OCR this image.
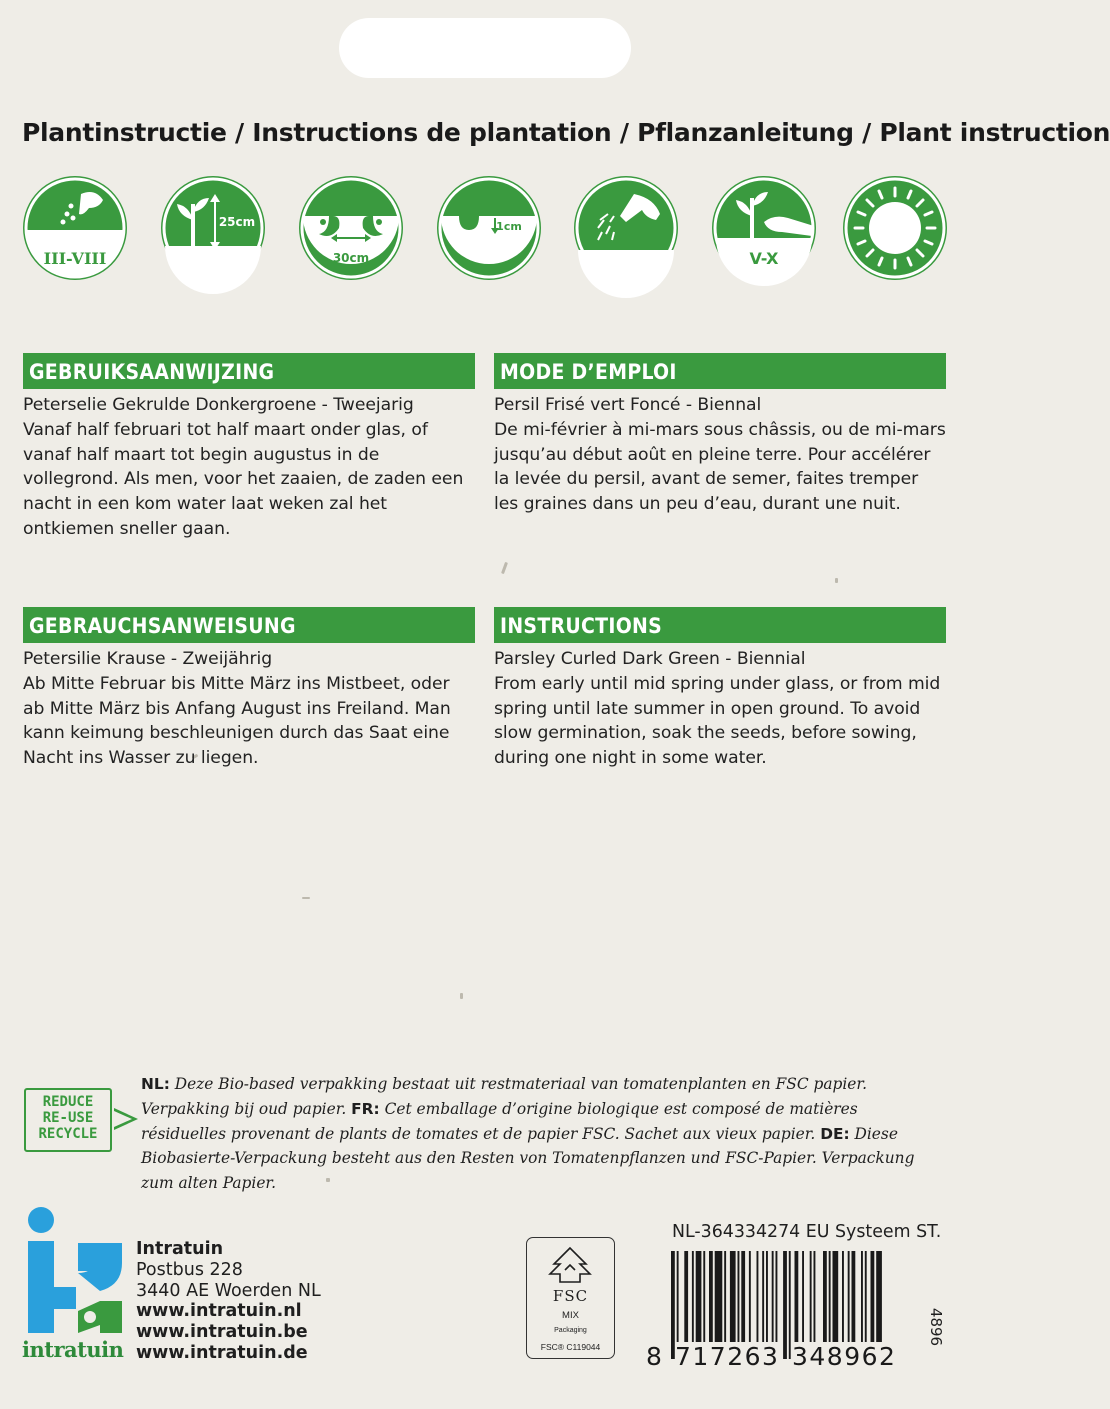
Plantinstructie / Instructions de plantation / Pflanzanleitung / Plant instruction
III-VIII
25cm
30cm
1cm
V-X
GEBRUIKSAANWIJZING
Peterselie Gekrulde Donkergroene - Tweejarig
Vanaf half februari tot half maart onder glas, of vanaf half maart tot begin augustus in de vollegrond. Als men, voor het zaaien, de zaden een nacht in een kom water laat weken zal het ontkiemen sneller gaan.
MODE D’EMPLOI
Persil Frisé vert Foncé - Biennal
De mi-février à mi-mars sous châssis, ou de mi-mars jusqu’au début août en pleine terre. Pour accélérer la levée du persil, avant de semer, faites tremper les graines dans un peu d’eau, durant une nuit.
GEBRAUCHSANWEISUNG
Petersilie Krause - Zweijährig
Ab Mitte Februar bis Mitte März ins Mistbeet, oder ab Mitte März bis Anfang August ins Freiland. Man kann keimung beschleunigen durch das Saat eine Nacht ins Wasser zu liegen.
INSTRUCTIONS
Parsley Curled Dark Green - Biennial
From early until mid spring under glass, or from mid spring until late summer in open ground. To avoid slow germination, soak the seeds, before sowing, during one night in some water.
REDUCE
RE-USE
RECYCLE
NL: Deze Bio-based verpakking bestaat uit restmateriaal van tomatenplanten en FSC papier. Verpakking bij oud papier. FR: Cet emballage d’origine biologique est composé de matières résiduelles provenant de plants de tomates et de papier FSC. Sachet aux vieux papier. DE: Diese Biobasierte-Verpackung besteht aus den Resten von Tomatenpflanzen und FSC-Papier. Verpackung zum alten Papier.
intratuin
Intratuin
Postbus 228
3440 AE Woerden NL
www.intratuin.nl
www.intratuin.be
www.intratuin.de
FSC
MIX
Packaging
FSC® C119044
NL-364334274 EU Systeem ST.
8 717263 348962
4896
